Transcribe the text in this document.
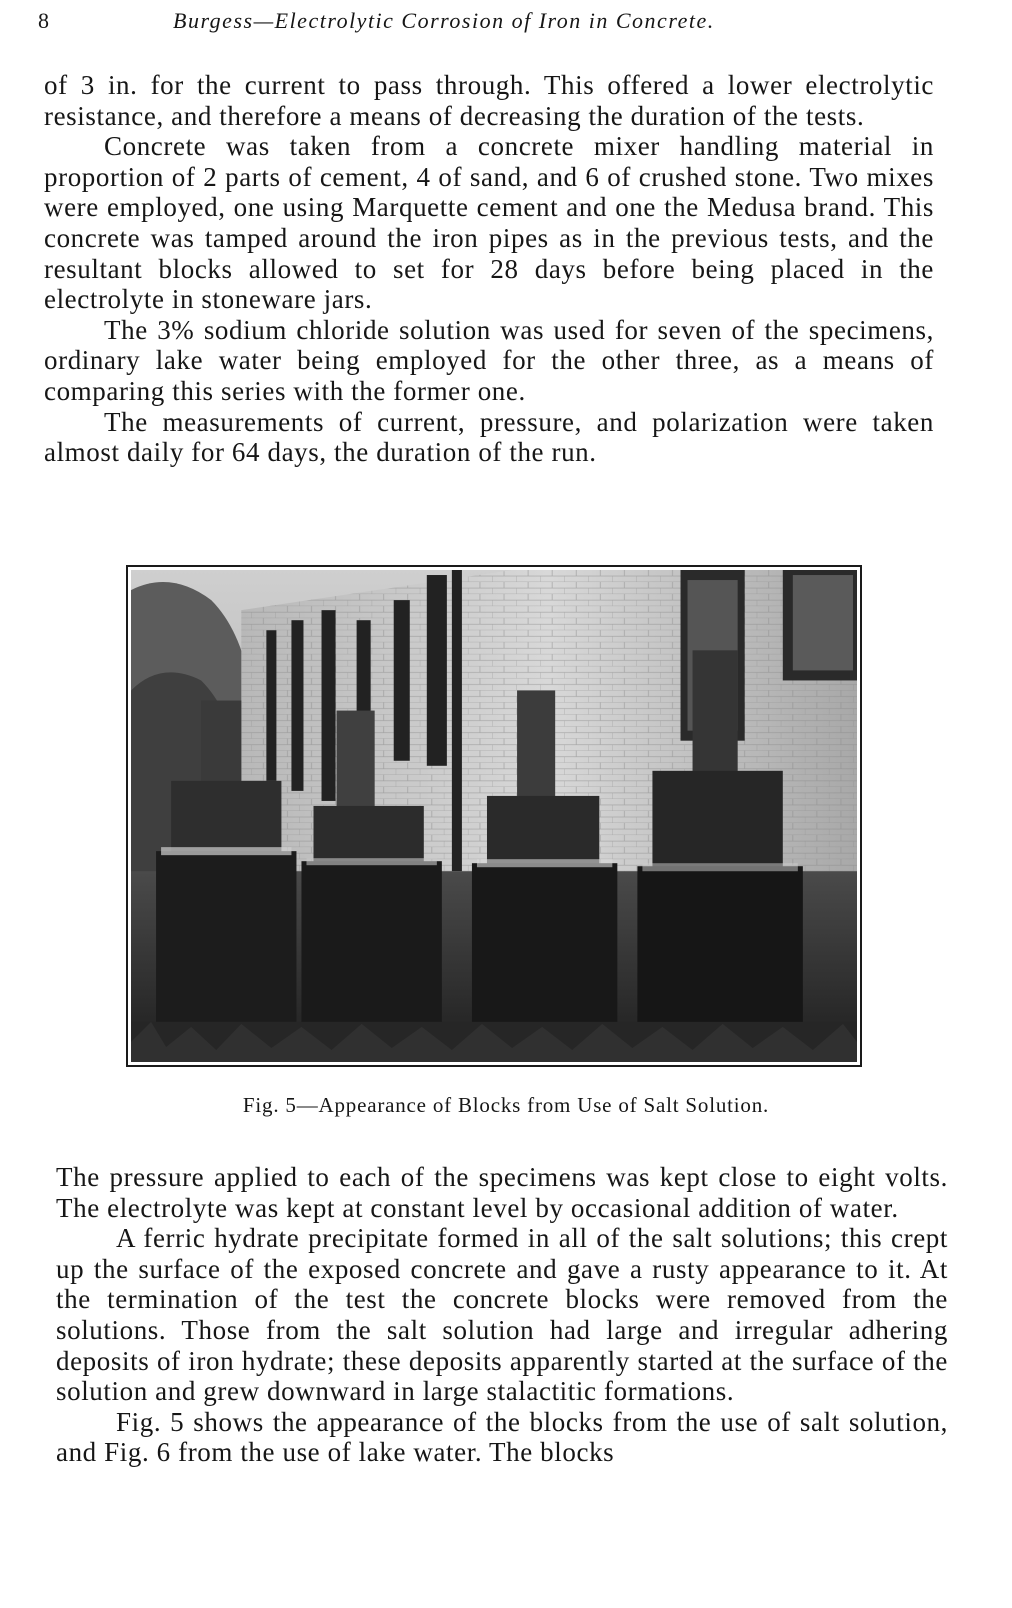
8	Burgess—Electrolytic Corrosion of Iron in Concrete.

of 3 in. for the current to pass through. This offered a lower electrolytic resistance, and therefore a means of decreasing the duration of the tests.

Concrete was taken from a concrete mixer handling material in proportion of 2 parts of cement, 4 of sand, and 6 of crushed stone. Two mixes were employed, one using Marquette cement and one the Medusa brand. This concrete was tamped around the iron pipes as in the previous tests, and the resultant blocks allowed to set for 28 days before being placed in the electrolyte in stoneware jars.

The 3% sodium chloride solution was used for seven of the specimens, ordinary lake water being employed for the other three, as a means of comparing this series with the former one.

The measurements of current, pressure, and polarization were taken almost daily for 64 days, the duration of the run.

Fig. 5—Appearance of Blocks from Use of Salt Solution.

The pressure applied to each of the specimens was kept close to eight volts. The electrolyte was kept at constant level by occasional addition of water.

A ferric hydrate precipitate formed in all of the salt solutions; this crept up the surface of the exposed concrete and gave a rusty appearance to it. At the termination of the test the concrete blocks were removed from the solutions. Those from the salt solution had large and irregular adhering deposits of iron hydrate; these deposits apparently started at the surface of the solution and grew downward in large stalactitic formations.

Fig. 5 shows the appearance of the blocks from the use of salt solution, and Fig. 6 from the use of lake water. The blocks
